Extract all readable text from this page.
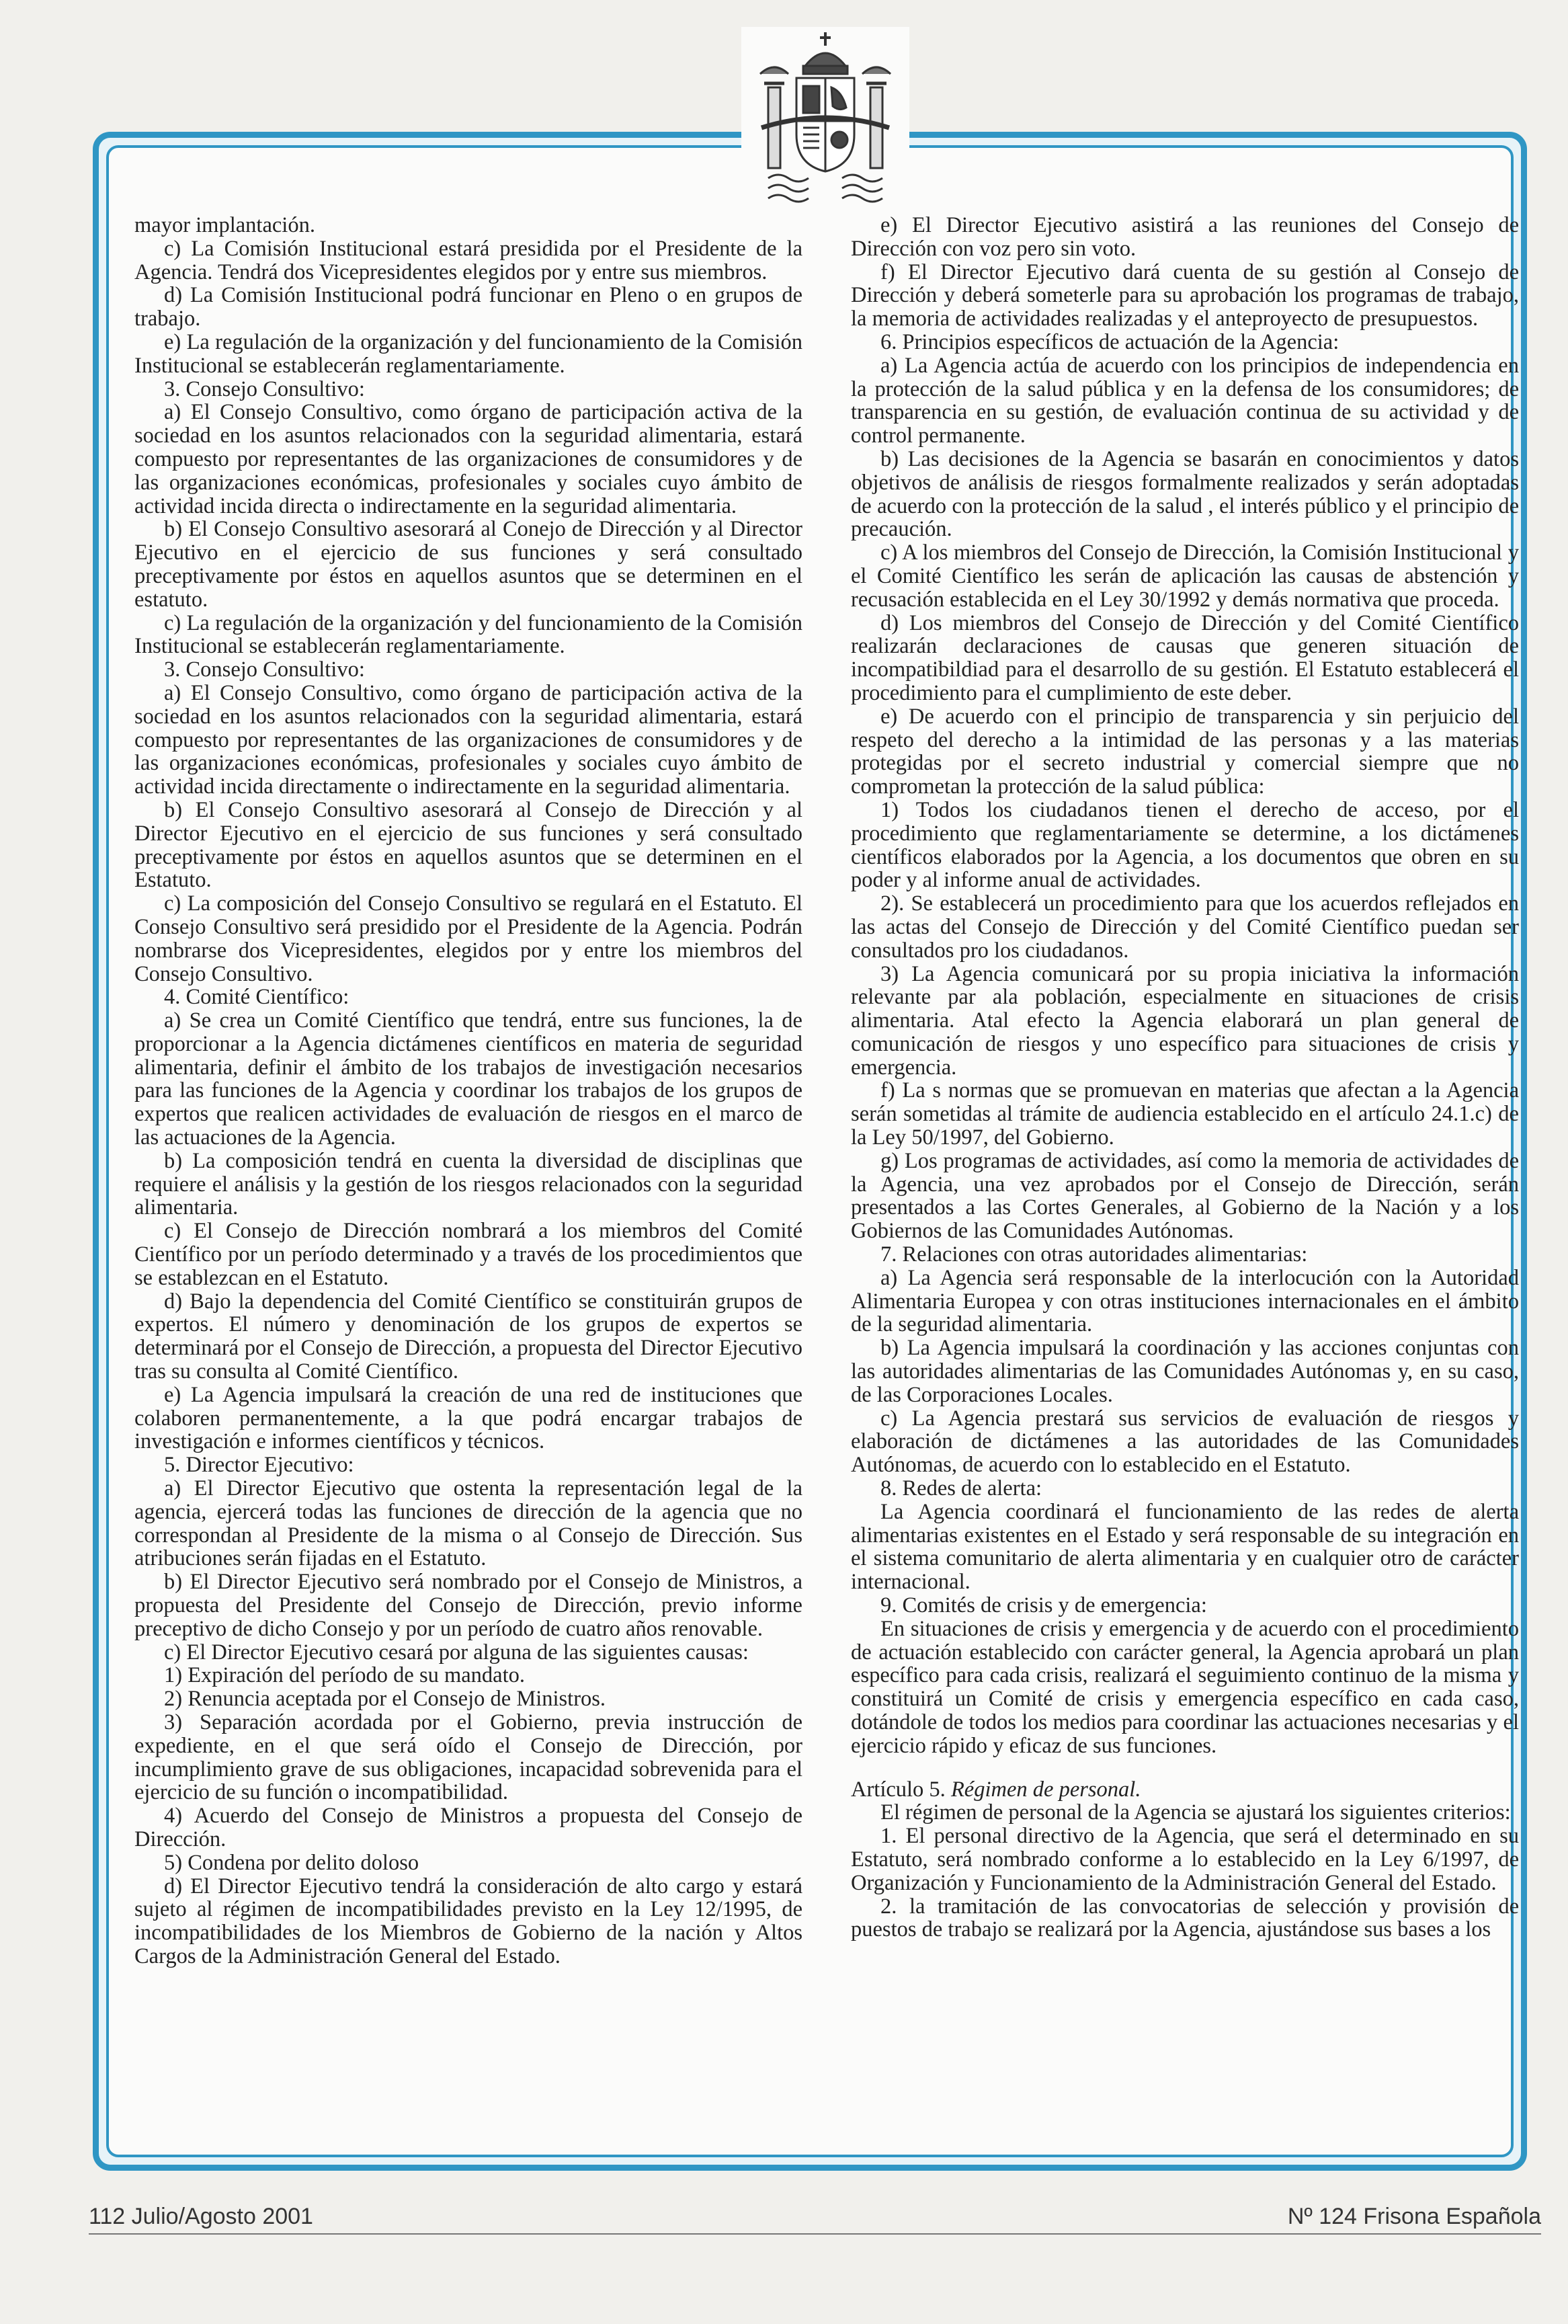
mayor implantación.

c) La Comisión Institucional estará presidida por el Presidente de la Agencia. Tendrá dos Vicepresidentes elegidos por y entre sus miembros.

d) La Comisión Institucional podrá funcionar en Pleno o en grupos de trabajo.

e) La regulación de la organización y del funcionamiento de la Comisión Institucional se establecerán reglamentariamente.

3. Consejo Consultivo:

a) El Consejo Consultivo, como órgano de participación activa de la sociedad en los asuntos relacionados con la seguridad alimentaria, estará compuesto por representantes de las organizaciones de consumidores y de las organizaciones económicas, profesionales y sociales cuyo ámbito de actividad incida directa o indirectamente en la seguridad alimentaria.

b) El Consejo Consultivo asesorará al Conejo de Dirección y al Director Ejecutivo en el ejercicio de sus funciones y será consultado preceptivamente por éstos en aquellos asuntos que se determinen en el estatuto.

c) La regulación de la organización y del funcionamiento de la Comisión Institucional se establecerán reglamentariamente.

3. Consejo Consultivo:

a) El Consejo Consultivo, como órgano de participación activa de la sociedad en los asuntos relacionados con la seguridad alimentaria, estará compuesto por representantes de las organizaciones de consumidores y de las organizaciones económicas, profesionales y sociales cuyo ámbito de actividad incida directamente o indirectamente en la seguridad alimentaria.

b) El Consejo Consultivo asesorará al Consejo de Dirección y al Director Ejecutivo en el ejercicio de sus funciones y será consultado preceptivamente por éstos en aquellos asuntos que se determinen en el Estatuto.

c) La composición del Consejo Consultivo se regulará en el Estatuto. El Consejo Consultivo será presidido por el Presidente de la Agencia. Podrán nombrarse dos Vicepresidentes, elegidos por y entre los miembros del Consejo Consultivo.

4. Comité Científico:

a) Se crea un Comité Científico que tendrá, entre sus funciones, la de proporcionar a la Agencia dictámenes científicos en materia de seguridad alimentaria, definir el ámbito de los trabajos de investigación necesarios para las funciones de la Agencia y coordinar los trabajos de los grupos de expertos que realicen actividades de evaluación de riesgos en el marco de las actuaciones de la Agencia.

b) La composición tendrá en cuenta la diversidad de disciplinas que requiere el análisis y la gestión de los riesgos relacionados con la seguridad alimentaria.

c) El Consejo de Dirección nombrará a los miembros del Comité Científico por un período determinado y a través de los procedimientos que se establezcan en el Estatuto.

d) Bajo la dependencia del Comité Científico se constituirán grupos de expertos. El número y denominación de los grupos de expertos se determinará por el Consejo de Dirección, a propuesta del Director Ejecutivo tras su consulta al Comité Científico.

e) La Agencia impulsará la creación de una red de instituciones que colaboren permanentemente, a la que podrá encargar trabajos de investigación e informes científicos y técnicos.

5. Director Ejecutivo:

a) El Director Ejecutivo que ostenta la representación legal de la agencia, ejercerá todas las funciones de dirección de la agencia que no correspondan al Presidente de la misma o al Consejo de Dirección. Sus atribuciones serán fijadas en el Estatuto.

b) El Director Ejecutivo será nombrado por el Consejo de Ministros, a propuesta del Presidente del Consejo de Dirección, previo informe preceptivo de dicho Consejo y por un período de cuatro años renovable.

c) El Director Ejecutivo cesará por alguna de las siguientes causas:

1) Expiración del período de su mandato.

2) Renuncia aceptada por el Consejo de Ministros.

3) Separación acordada por el Gobierno, previa instrucción de expediente, en el que será oído el Consejo de Dirección, por incumplimiento grave de sus obligaciones, incapacidad sobrevenida para el ejercicio de su función o incompatibilidad.

4) Acuerdo del Consejo de Ministros a propuesta del Consejo de Dirección.

5) Condena por delito doloso

d) El Director Ejecutivo tendrá la consideración de alto cargo y estará sujeto al régimen de incompatibilidades previsto en la Ley 12/1995, de incompatibilidades de los Miembros de Gobierno de la nación y Altos Cargos de la Administración General del Estado.

e) El Director Ejecutivo asistirá a las reuniones del Consejo de Dirección con voz pero sin voto.

f) El Director Ejecutivo dará cuenta de su gestión al Consejo de Dirección y deberá someterle para su aprobación los programas de trabajo, la memoria de actividades realizadas y el anteproyecto de presupuestos.

6. Principios específicos de actuación de la Agencia:

a) La Agencia actúa de acuerdo con los principios de independencia en la protección de la salud pública y en la defensa de los consumidores; de transparencia en su gestión, de evaluación continua de su actividad y de control permanente.

b) Las decisiones de la Agencia se basarán en conocimientos y datos objetivos de análisis de riesgos formalmente realizados y serán adoptadas de acuerdo con la protección de la salud , el interés público y el principio de precaución.

c) A los miembros del Consejo de Dirección, la Comisión Institucional y el Comité Científico les serán de aplicación las causas de abstención y recusación establecida en el Ley 30/1992 y demás normativa que proceda.

d) Los miembros del Consejo de Dirección y del Comité Científico realizarán declaraciones de causas que generen situación de incompatibildiad para el desarrollo de su gestión. El Estatuto establecerá el procedimiento para el cumplimiento de este deber.

e) De acuerdo con el principio de transparencia y sin perjuicio del respeto del derecho a la intimidad de las personas y a las materias protegidas por el secreto industrial y comercial siempre que no comprometan la protección de la salud pública:

1) Todos los ciudadanos tienen el derecho de acceso, por el procedimiento que reglamentariamente se determine, a los dictámenes científicos elaborados por la Agencia, a los documentos que obren en su poder y al informe anual de actividades.

2). Se establecerá un procedimiento para que los acuerdos reflejados en las actas del Consejo de Dirección y del Comité Científico puedan ser consultados pro los ciudadanos.

3) La Agencia comunicará por su propia iniciativa la información relevante par ala población, especialmente en situaciones de crisis alimentaria. Atal efecto la Agencia elaborará un plan general de comunicación de riesgos y uno específico para situaciones de crisis y emergencia.

f) La s normas que se promuevan en materias que afectan a la Agencia serán sometidas al trámite de audiencia establecido en el artículo 24.1.c) de la Ley 50/1997, del Gobierno.

g) Los programas de actividades, así como la memoria de actividades de la Agencia, una vez aprobados por el Consejo de Dirección, serán presentados a las Cortes Generales, al Gobierno de la Nación y a los Gobiernos de las Comunidades Autónomas.

7. Relaciones con otras autoridades alimentarias:

a) La Agencia será responsable de la interlocución con la Autoridad Alimentaria Europea y con otras instituciones internacionales en el ámbito de la seguridad alimentaria.

b) La Agencia impulsará la coordinación y las acciones conjuntas con las autoridades alimentarias de las Comunidades Autónomas y, en su caso, de las Corporaciones Locales.

c) La Agencia prestará sus servicios de evaluación de riesgos y elaboración de dictámenes a las autoridades de las Comunidades Autónomas, de acuerdo con lo establecido en el Estatuto.

8. Redes de alerta:

La Agencia coordinará el funcionamiento de las redes de alerta alimentarias existentes en el Estado y será responsable de su integración en el sistema comunitario de alerta alimentaria y en cualquier otro de carácter internacional.

9. Comités de crisis y de emergencia:

En situaciones de crisis y emergencia y de acuerdo con el procedimiento de actuación establecido con carácter general, la Agencia aprobará un plan específico para cada crisis, realizará el seguimiento continuo de la misma y constituirá un Comité de crisis y emergencia específico en cada caso, dotándole de todos los medios para coordinar las actuaciones necesarias y el ejercicio rápido y eficaz de sus funciones.

Artículo 5. Régimen de personal.

El régimen de personal de la Agencia se ajustará los siguientes criterios:

1. El personal directivo de la Agencia, que será el determinado en su Estatuto, será nombrado conforme a lo establecido en la Ley 6/1997, de Organización y Funcionamiento de la Administración General del Estado.

2. la tramitación de las convocatorias de selección y provisión de puestos de trabajo se realizará por la Agencia, ajustándose sus bases a los

112 Julio/Agosto 2001	Nº 124 Frisona Española
